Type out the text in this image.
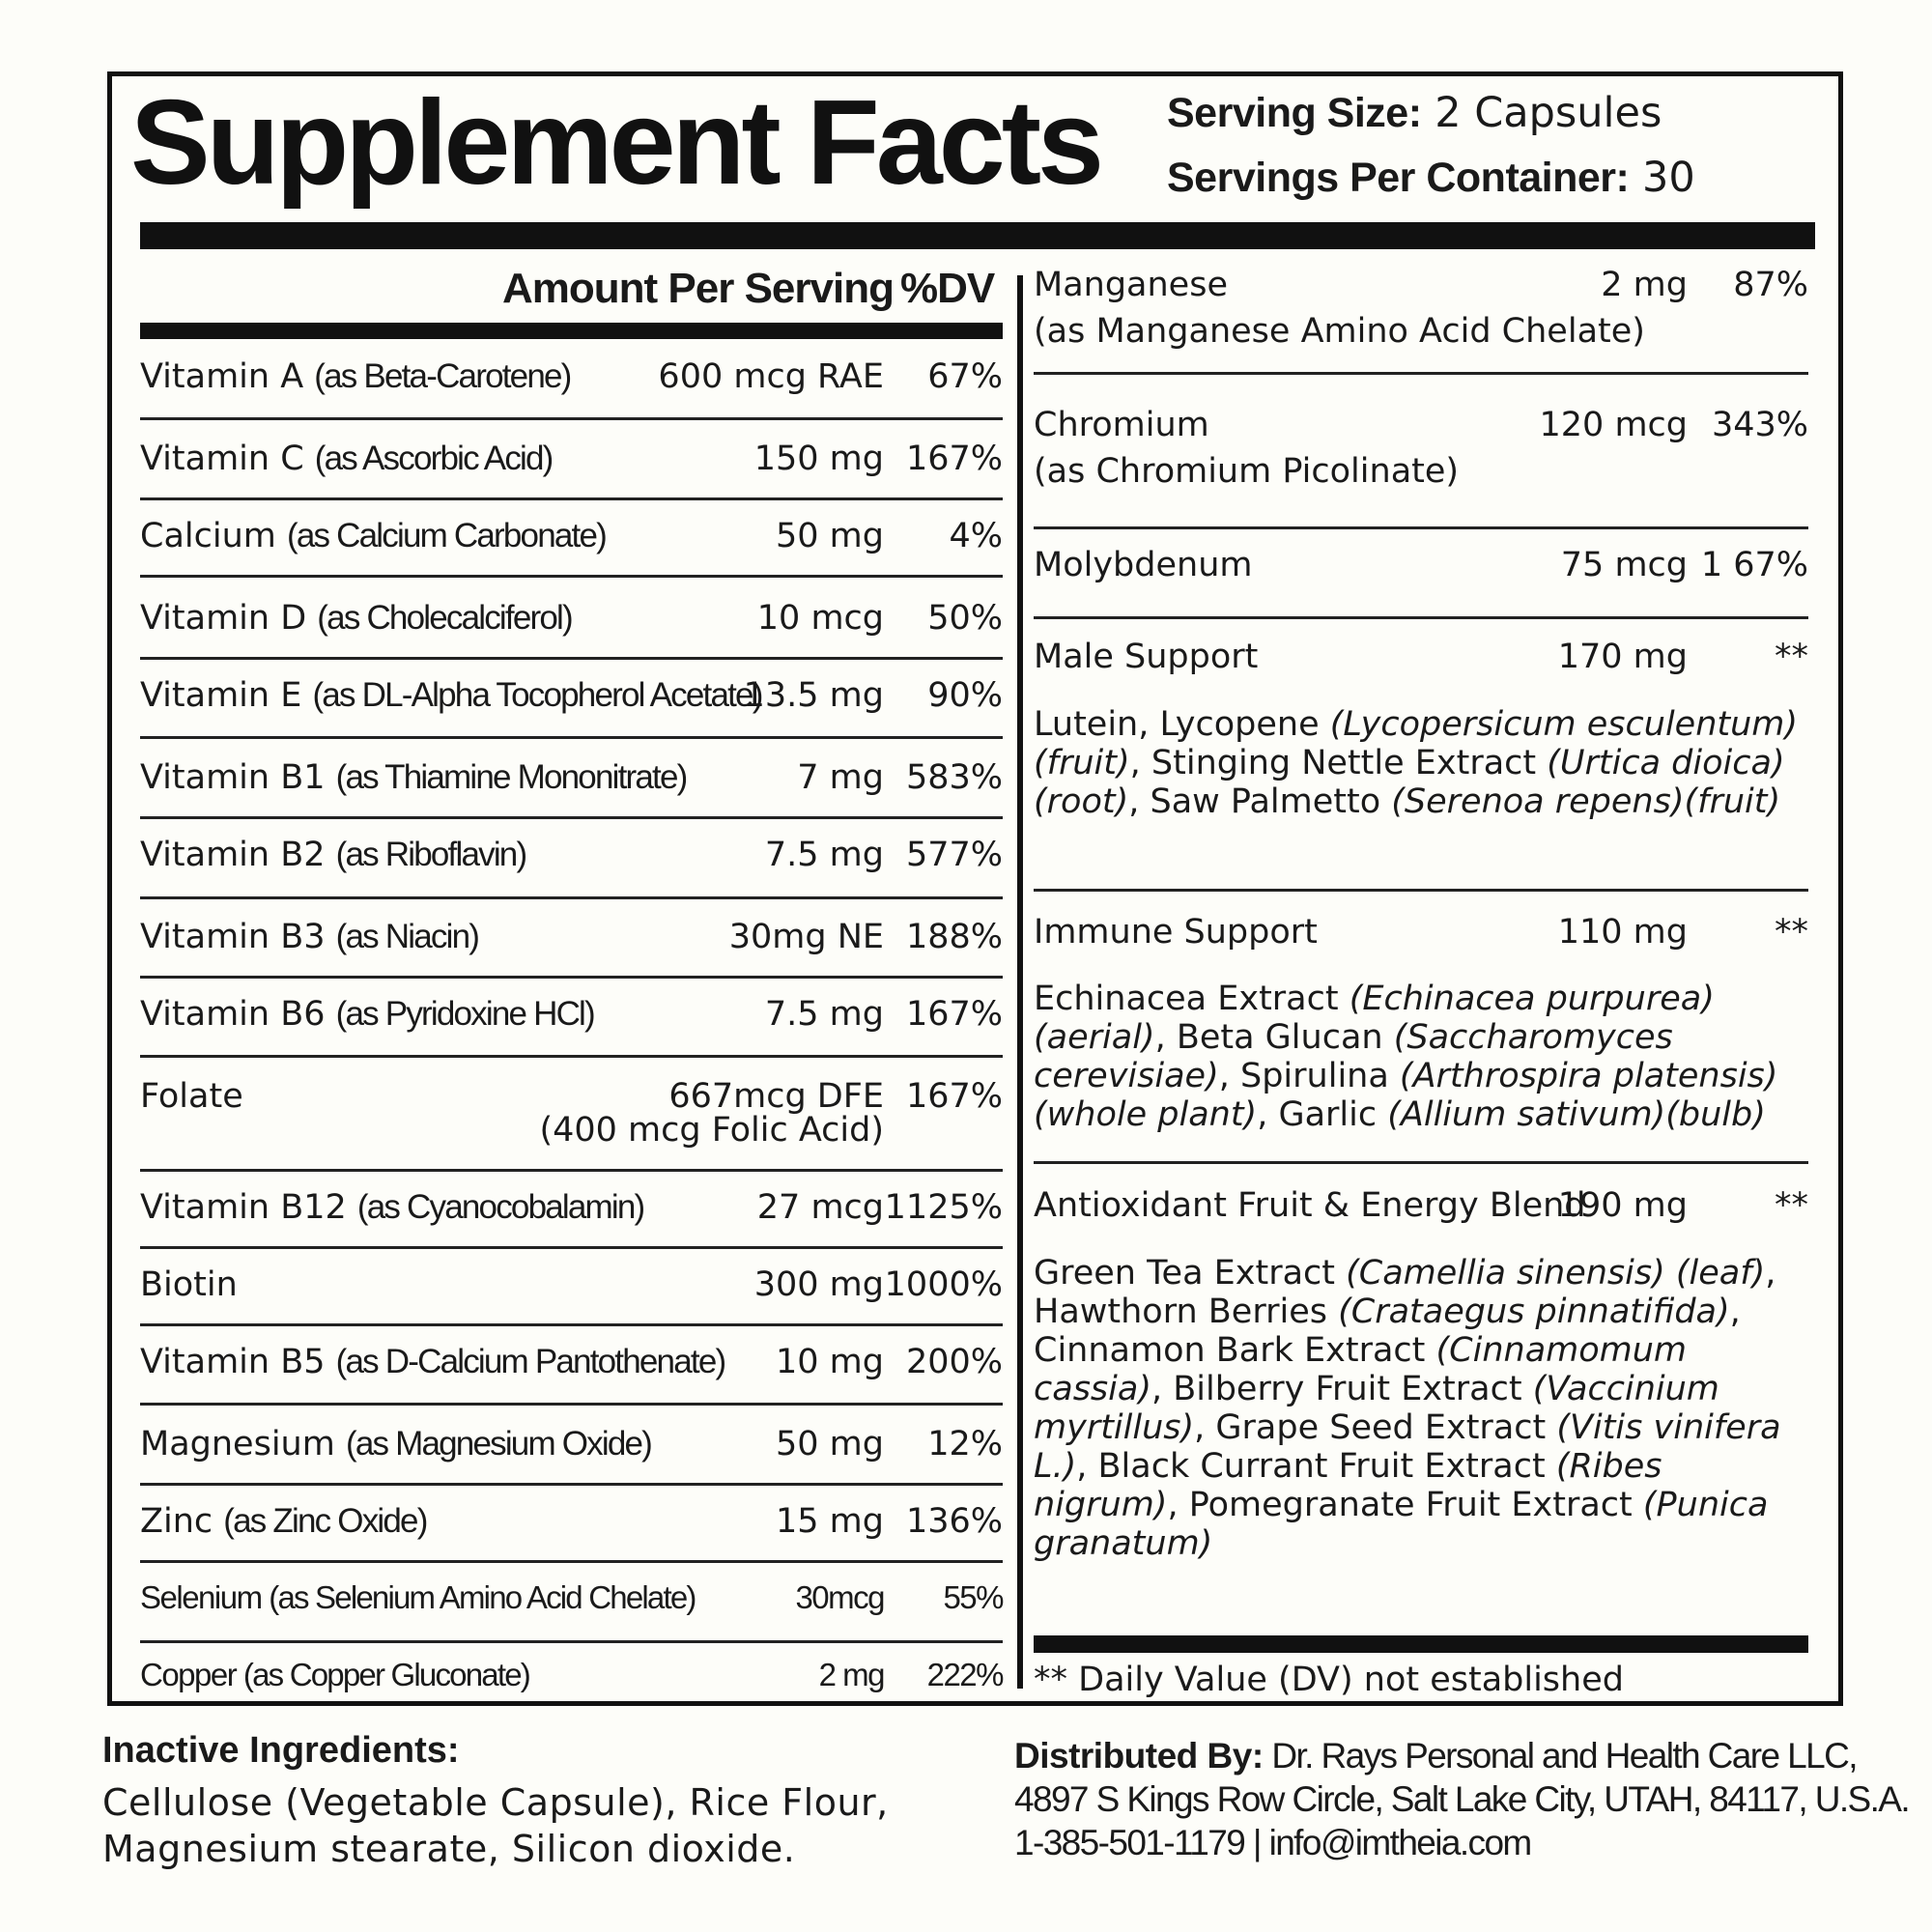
Supplement Facts Serving Size: 2 Capsules
Servings Per Container: 30
Amount Per Serving %DV
Vitamin A (as Beta-Carotene)	600 mcg RAE 67%
Vitamin C (as Ascorbic Acid)	150 mg 167%
Calcium (as Calcium Carbonate)	50 mg 4%
Vitamin D (as Cholecalciferol)	10 mcg 50%
Vitamin E (as DL-Alpha Tocopherol Acetate)
13.5 mg 90%
Vitamin B1 (as Thiamine Mononitrate)	7 mg 583%
Vitamin B2 (as Riboflavin)	7.5 mg 577%
Vitamin B3 (as Niacin)	30mg NE 188%
Vitamin B6 (as Pyridoxine HCl)	7.5 mg 167%
Folate	667mcg DFE
(400 mcg Folic Acid)
167%
Vitamin B12 (as Cyanocobalamin)	27 mcg 1125%
Biotin	300 mg 1000%
Vitamin B5 (as D-Calcium Pantothenate) 10 mg 200%
Magnesium (as Magnesium Oxide)	50 mg 12%
Zinc (as Zinc Oxide)	15 mg 136%
Selenium (as Selenium Amino Acid Chelate)	30mcg 55%
Copper (as Copper Gluconate)	2 mg 222%
Manganese	2 mg 87%
(as Manganese Amino Acid Chelate)
Chromium	120 mcg 343%
(as Chromium Picolinate)
Molybdenum	75 mcg 1 67%
Male Support	170 mg	**
Lutein, Lycopene (Lycopersicum esculentum)(fruit), Stinging Nettle Extract (Urtica dioica) (root), Saw Palmetto (Serenoa repens)(fruit)
Immune Support	110 mg	**
Echinacea Extract (Echinacea purpurea) (aerial), Beta Glucan (Saccharomyces cerevisiae), Spirulina (Arthrospira platensis) (whole plant), Garlic (Allium sativum)(bulb)
Antioxidant Fruit & Energy Blend
190 mg	**
Green Tea Extract (Camellia sinensis) (leaf), Hawthorn Berries (Crataegus pinnatifida), Cinnamon Bark Extract (Cinnamomum cassia), Bilberry Fruit Extract (Vaccinium myrtillus), Grape Seed Extract (Vitis vinifera L.), Black Currant Fruit Extract (Ribes nigrum), Pomegranate Fruit Extract (Punica granatum)
** Daily Value (DV) not established
Inactive Ingredients:
Cellulose (Vegetable Capsule), Rice Flour,
Magnesium stearate, Silicon dioxide.
Distributed By: Dr. Rays Personal and Health Care LLC,
4897 S Kings Row Circle, Salt Lake City, UTAH, 84117, U.S.A.
1-385-501-1179 | info@imtheia.com
